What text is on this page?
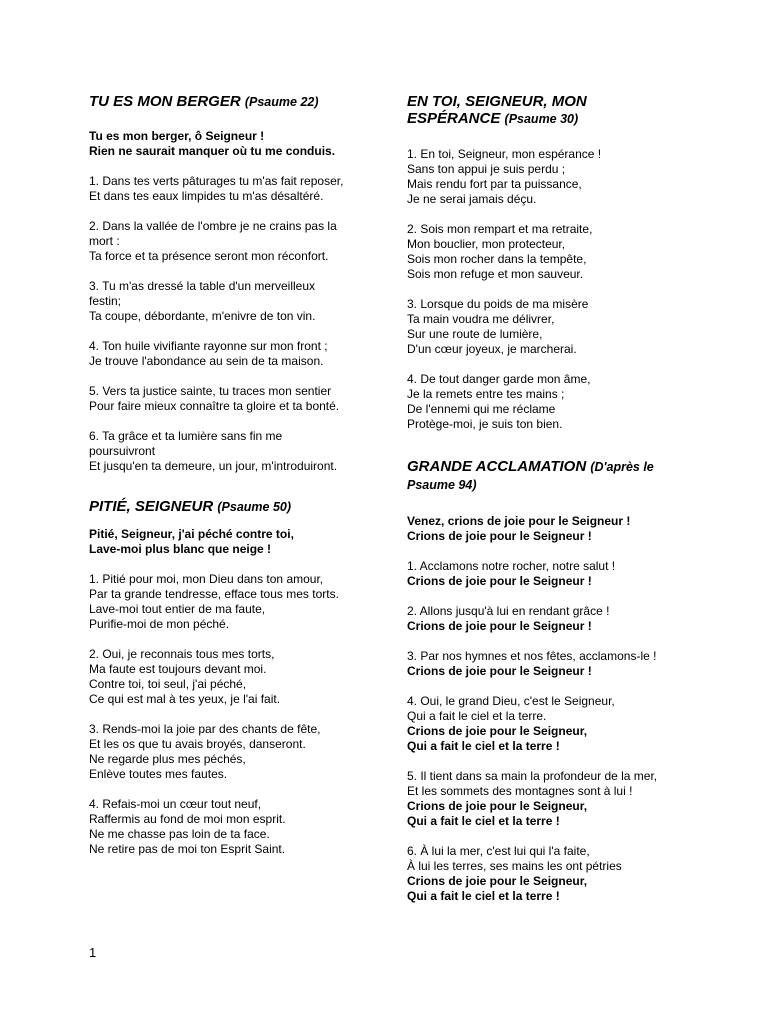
TU ES MON BERGER (Psaume 22)
Tu es mon berger, ô Seigneur !
Rien ne saurait manquer où tu me conduis.
1. Dans tes verts pâturages tu m'as fait reposer,
Et dans tes eaux limpides tu m'as désaltéré.
2. Dans la vallée de l'ombre je ne crains pas la
mort :
Ta force et ta présence seront mon réconfort.
3. Tu m'as dressé la table d'un merveilleux
festin;
Ta coupe, débordante, m'enivre de ton vin.
4. Ton huile vivifiante rayonne sur mon front ;
Je trouve l'abondance au sein de ta maison.
5. Vers ta justice sainte, tu traces mon sentier
Pour faire mieux connaître ta gloire et ta bonté.
6. Ta grâce et ta lumière sans fin me
poursuivront
Et jusqu'en ta demeure, un jour, m'introduiront.
PITIÉ, SEIGNEUR (Psaume 50)
Pitié, Seigneur, j'ai péché contre toi,
Lave-moi plus blanc que neige !
1. Pitié pour moi, mon Dieu dans ton amour,
Par ta grande tendresse, efface tous mes torts.
Lave-moi tout entier de ma faute,
Purifie-moi de mon péché.
2. Oui, je reconnais tous mes torts,
Ma faute est toujours devant moi.
Contre toi, toi seul, j'ai péché,
Ce qui est mal à tes yeux, je l'ai fait.
3. Rends-moi la joie par des chants de fête,
Et les os que tu avais broyés, danseront.
Ne regarde plus mes péchés,
Enlève toutes mes fautes.
4. Refais-moi un cœur tout neuf,
Raffermis au fond de moi mon esprit.
Ne me chasse pas loin de ta face.
Ne retire pas de moi ton Esprit Saint.
EN TOI, SEIGNEUR, MON
ESPÉRANCE (Psaume 30)
1. En toi, Seigneur, mon espérance !
Sans ton appui je suis perdu ;
Mais rendu fort par ta puissance,
Je ne serai jamais déçu.
2. Sois mon rempart et ma retraite,
Mon bouclier, mon protecteur,
Sois mon rocher dans la tempête,
Sois mon refuge et mon sauveur.
3. Lorsque du poids de ma misère
Ta main voudra me délivrer,
Sur une route de lumière,
D'un cœur joyeux, je marcherai.
4. De tout danger garde mon âme,
Je la remets entre tes mains ;
De l'ennemi qui me réclame
Protège-moi, je suis ton bien.
GRANDE ACCLAMATION (D'après le
Psaume 94)
Venez, crions de joie pour le Seigneur !
Crions de joie pour le Seigneur !
1. Acclamons notre rocher, notre salut !
Crions de joie pour le Seigneur !
2. Allons jusqu'à lui en rendant grâce !
Crions de joie pour le Seigneur !
3. Par nos hymnes et nos fêtes, acclamons-le !
Crions de joie pour le Seigneur !
4. Oui, le grand Dieu, c'est le Seigneur,
Qui a fait le ciel et la terre.
Crions de joie pour le Seigneur,
Qui a fait le ciel et la terre !
5. Il tient dans sa main la profondeur de la mer,
Et les sommets des montagnes sont à lui !
Crions de joie pour le Seigneur,
Qui a fait le ciel et la terre !
6. À lui la mer, c'est lui qui l'a faite,
À lui les terres, ses mains les ont pétries
Crions de joie pour le Seigneur,
Qui a fait le ciel et la terre !
1
